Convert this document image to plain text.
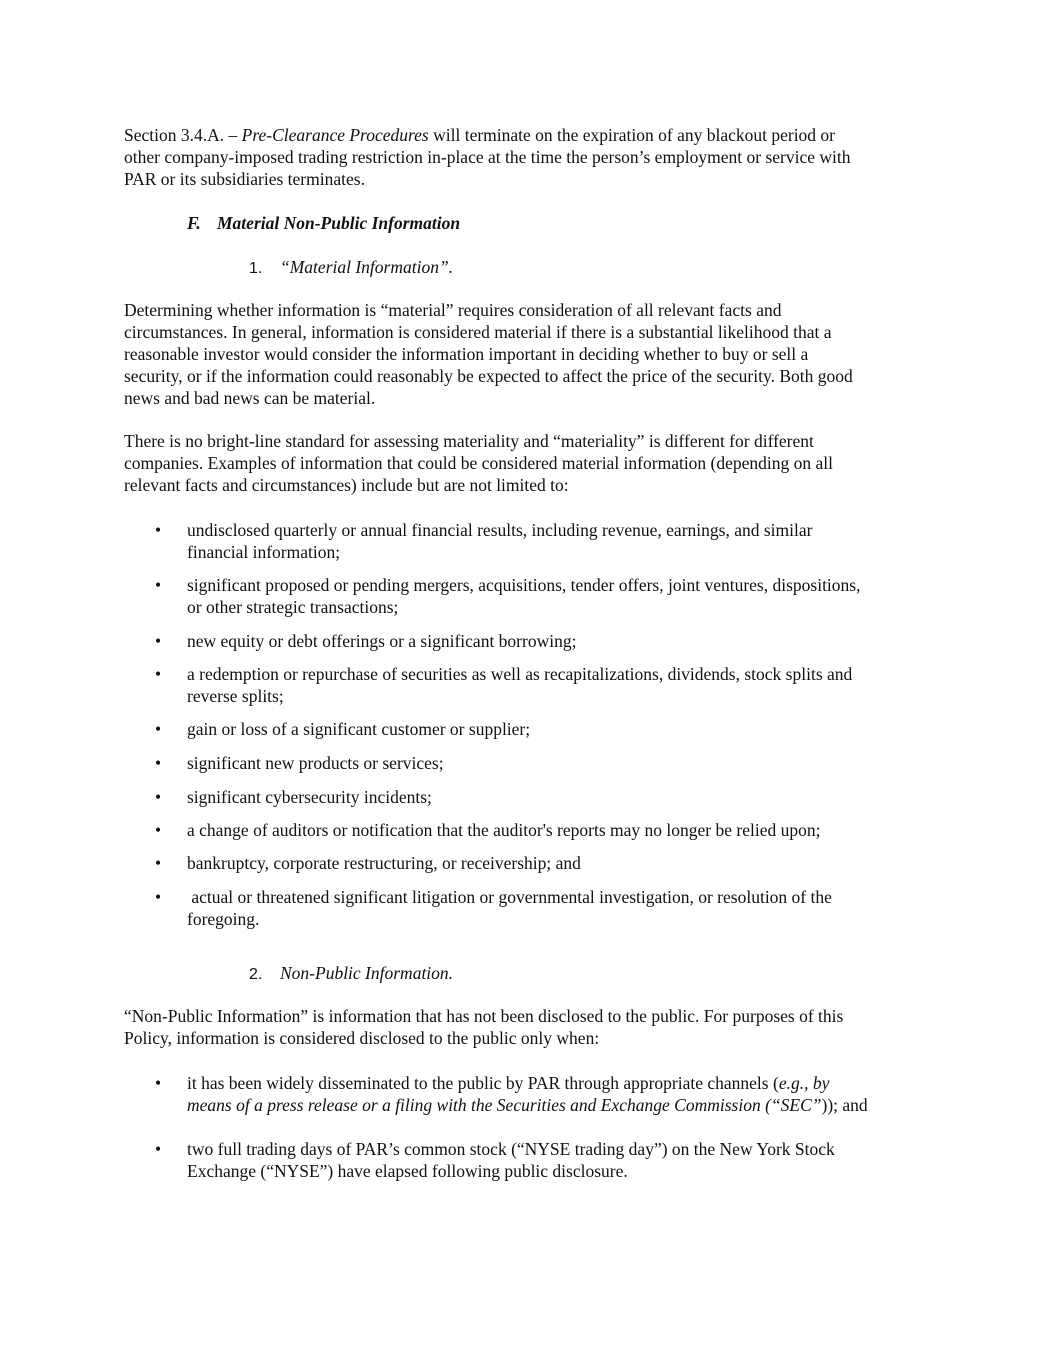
Section 3.4.A. – Pre-Clearance Procedures will terminate on the expiration of any blackout period or
other company-imposed trading restriction in-place at the time the person’s employment or service with
PAR or its subsidiaries terminates.
F. Material Non-Public Information
1. “Material Information”.
Determining whether information is “material” requires consideration of all relevant facts and
circumstances. In general, information is considered material if there is a substantial likelihood that a
reasonable investor would consider the information important in deciding whether to buy or sell a
security, or if the information could reasonably be expected to affect the price of the security. Both good
news and bad news can be material.
There is no bright-line standard for assessing materiality and “materiality” is different for different
companies. Examples of information that could be considered material information (depending on all
relevant facts and circumstances) include but are not limited to:
•	undisclosed quarterly or annual financial results, including revenue, earnings, and similar
financial information;
•	significant proposed or pending mergers, acquisitions, tender offers, joint ventures, dispositions,
or other strategic transactions;
•	new equity or debt offerings or a significant borrowing;
•	a redemption or repurchase of securities as well as recapitalizations, dividends, stock splits and
reverse splits;
•	gain or loss of a significant customer or supplier;
•	significant new products or services;
•	significant cybersecurity incidents;
•	a change of auditors or notification that the auditor's reports may no longer be relied upon;
•	bankruptcy, corporate restructuring, or receivership; and
•	actual or threatened significant litigation or governmental investigation, or resolution of the
foregoing.
2. Non-Public Information.
“Non-Public Information” is information that has not been disclosed to the public. For purposes of this
Policy, information is considered disclosed to the public only when:
•	it has been widely disseminated to the public by PAR through appropriate channels (e.g., by
means of a press release or a filing with the Securities and Exchange Commission (“SEC”)); and
•	two full trading days of PAR’s common stock (“NYSE trading day”) on the New York Stock
Exchange (“NYSE”) have elapsed following public disclosure.
